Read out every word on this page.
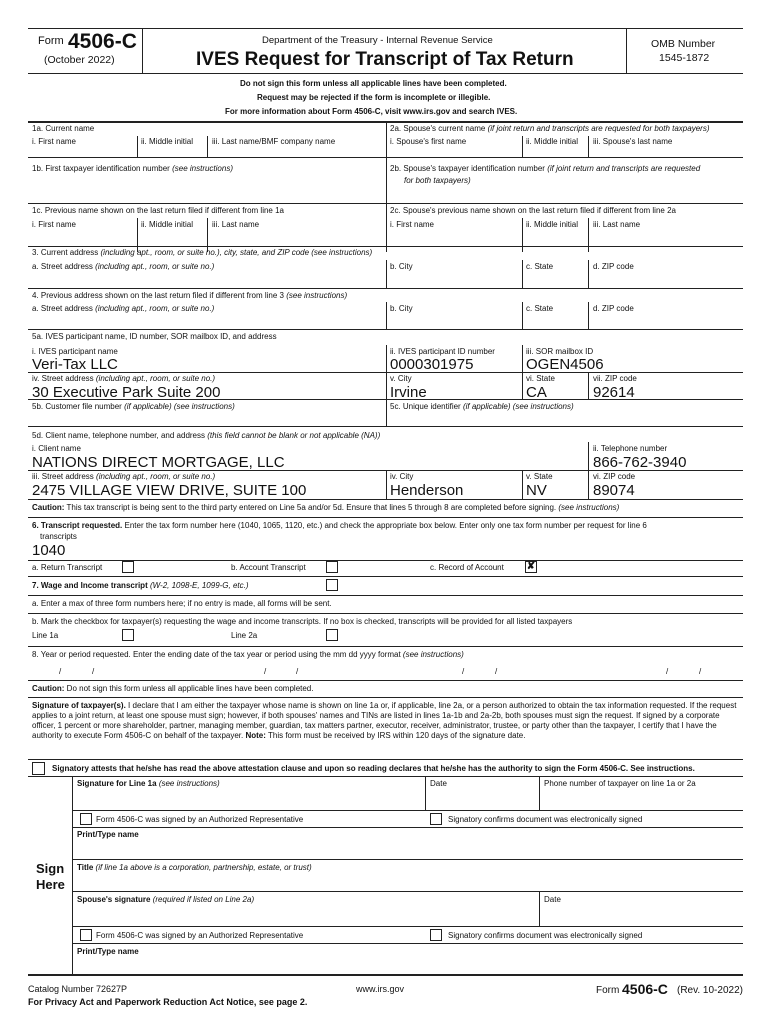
Form 4506-C
(October 2022)
Department of the Treasury - Internal Revenue Service
IVES Request for Transcript of Tax Return
OMB Number
1545-1872
Do not sign this form unless all applicable lines have been completed.
Request may be rejected if the form is incomplete or illegible.
For more information about Form 4506-C, visit www.irs.gov and search IVES.
1a. Current name
i. First name	ii. Middle initial iii. Last name/BMF company name
2a. Spouse's current name (if joint return and transcripts are requested for both taxpayers)
i. Spouse's first name	ii. Middle initial iii. Spouse's last name
1b. First taxpayer identification number (see instructions)	2b. Spouse's taxpayer identification number (if joint return and transcripts are requested
for both taxpayers)
1c. Previous name shown on the last return filed if different from line 1a
i. First name	ii. Middle initial iii. Last name
2c. Spouse's previous name shown on the last return filed if different from line 2a
i. First name	ii. Middle initial iii. Last name
3. Current address (including apt., room, or suite no.), city, state, and ZIP code (see instructions)
a. Street address (including apt., room, or suite no.)	b. City	c. State	d. ZIP code
4. Previous address shown on the last return filed if different from line 3 (see instructions)
a. Street address (including apt., room, or suite no.)	b. City	c. State	d. ZIP code
5a. IVES participant name, ID number, SOR mailbox ID, and address
i. IVES participant name
Veri-Tax LLC
ii. IVES participant ID number
0000301975
iii. SOR mailbox ID
OGEN4506
iv. Street address (including apt., room, or suite no.)
30 Executive Park Suite 200
v. City
Irvine
vi. State
CA
vii. ZIP code
92614
5b. Customer file number (if applicable) (see instructions)	5c. Unique identifier (if applicable) (see instructions)
5d. Client name, telephone number, and address (this field cannot be blank or not applicable (NA))
i. Client name
NATIONS DIRECT MORTGAGE, LLC
ii. Telephone number
866-762-3940
iii. Street address (including apt., room, or suite no.)
2475 VILLAGE VIEW DRIVE, SUITE 100
iv. City
Henderson
v. State
NV
vi. ZIP code
89074
Caution: This tax transcript is being sent to the third party entered on Line 5a and/or 5d. Ensure that lines 5 through 8 are completed before signing. (see instructions)
6. Transcript requested. Enter the tax form number here (1040, 1065, 1120, etc.) and check the appropriate box below. Enter only one tax form number per request for line 6
transcripts
1040
a. Return Transcript	b. Account Transcript	c. Record of Account ✘
7. Wage and Income transcript (W-2, 1098-E, 1099-G, etc.)
a. Enter a max of three form numbers here; if no entry is made, all forms will be sent.
b. Mark the checkbox for taxpayer(s) requesting the wage and income transcripts. If no box is checked, transcripts will be provided for all listed taxpayers
Line 1a	Line 2a
8. Year or period requested. Enter the ending date of the tax year or period using the mm dd yyyy format (see instructions)
/	/	/	/	/	/	/	/
Caution: Do not sign this form unless all applicable lines have been completed.
Signature of taxpayer(s). I declare that I am either the taxpayer whose name is shown on line 1a or, if applicable, line 2a, or a person authorized to obtain the tax information requested. If the request applies to a joint return, at least one spouse must sign; however, if both spouses' names and TINs are listed in lines 1a-1b and 2a-2b, both spouses must sign the request. If signed by a corporate officer, 1 percent or more shareholder, partner, managing member, guardian, tax matters partner, executor, receiver, administrator, trustee, or party other than the taxpayer, I certify that I have the authority to execute Form 4506-C on behalf of the taxpayer. Note: This form must be received by IRS within 120 days of the signature date.
Signatory attests that he/she has read the above attestation clause and upon so reading declares that he/she has the authority to sign the Form 4506-C. See instructions.
Sign
Here
Signature for Line 1a (see instructions)	Date	Phone number of taxpayer on line 1a or 2a
Form 4506-C was signed by an Authorized Representative	Signatory confirms document was electronically signed
Print/Type name
Title (if line 1a above is a corporation, partnership, estate, or trust)
Spouse's signature (required if listed on Line 2a)	Date
Form 4506-C was signed by an Authorized Representative	Signatory confirms document was electronically signed
Print/Type name
Catalog Number 72627P
For Privacy Act and Paperwork Reduction Act Notice, see page 2.
www.irs.gov	Form 4506-C (Rev. 10-2022)
